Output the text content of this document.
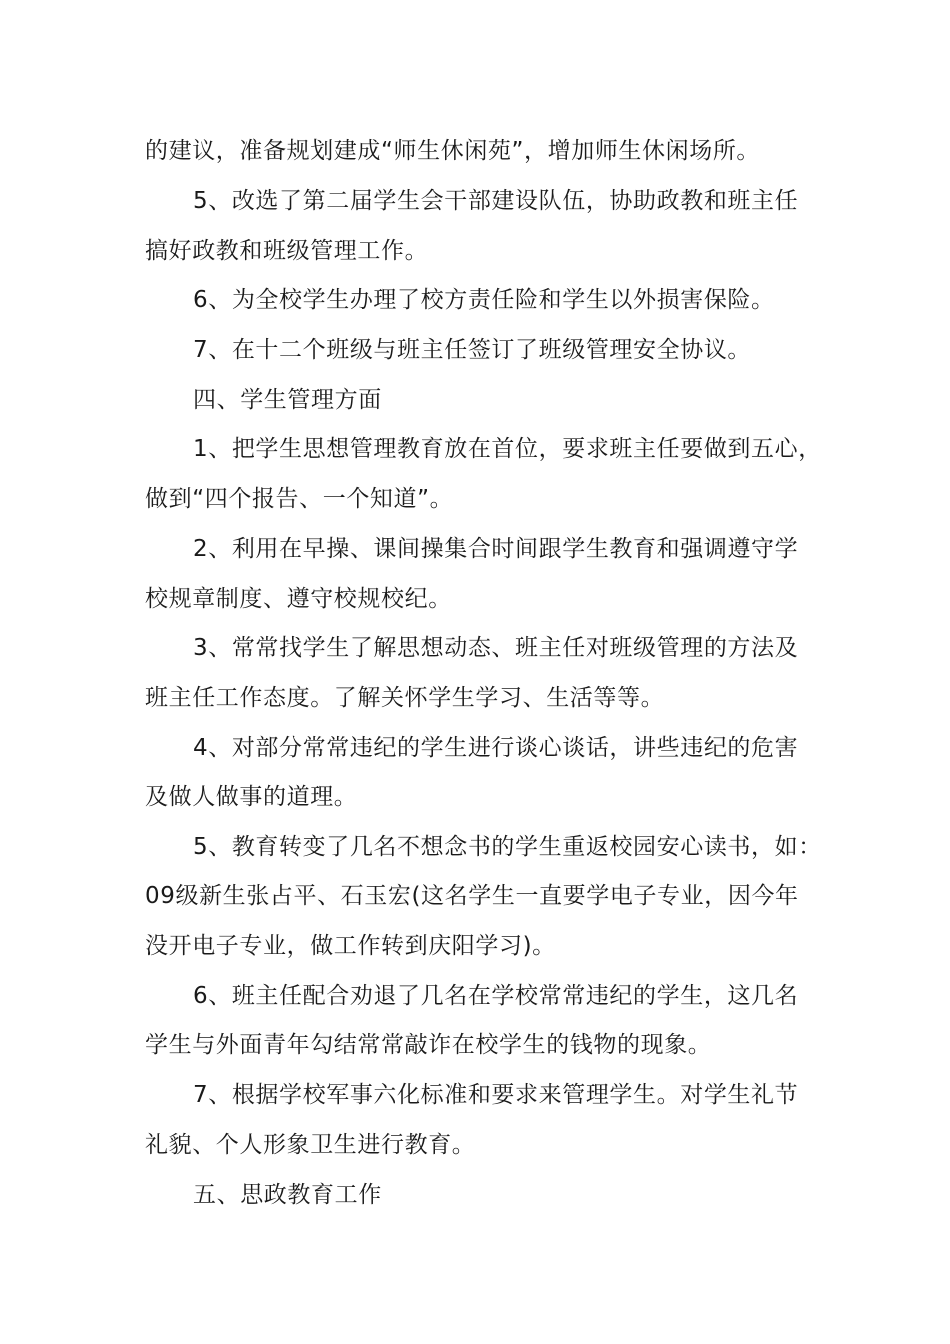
的建议，准备规划建成“师生休闲苑”，增加师生休闲场所。
5、改选了第二届学生会干部建设队伍，协助政教和班主任
搞好政教和班级管理工作。
6、为全校学生办理了校方责任险和学生以外损害保险。
7、在十二个班级与班主任签订了班级管理安全协议。
四、学生管理方面
1、把学生思想管理教育放在首位，要求班主任要做到五心，
做到“四个报告、一个知道”。
2、利用在早操、课间操集合时间跟学生教育和强调遵守学
校规章制度、遵守校规校纪。
3、常常找学生了解思想动态、班主任对班级管理的方法及
班主任工作态度。了解关怀学生学习、生活等等。
4、对部分常常违纪的学生进行谈心谈话，讲些违纪的危害
及做人做事的道理。
5、教育转变了几名不想念书的学生重返校园安心读书，如：
09级新生张占平、石玉宏(这名学生一直要学电子专业，因今年
没开电子专业，做工作转到庆阳学习)。
6、班主任配合劝退了几名在学校常常违纪的学生，这几名
学生与外面青年勾结常常敲诈在校学生的钱物的现象。
7、根据学校军事六化标准和要求来管理学生。对学生礼节
礼貌、个人形象卫生进行教育。
五、思政教育工作
